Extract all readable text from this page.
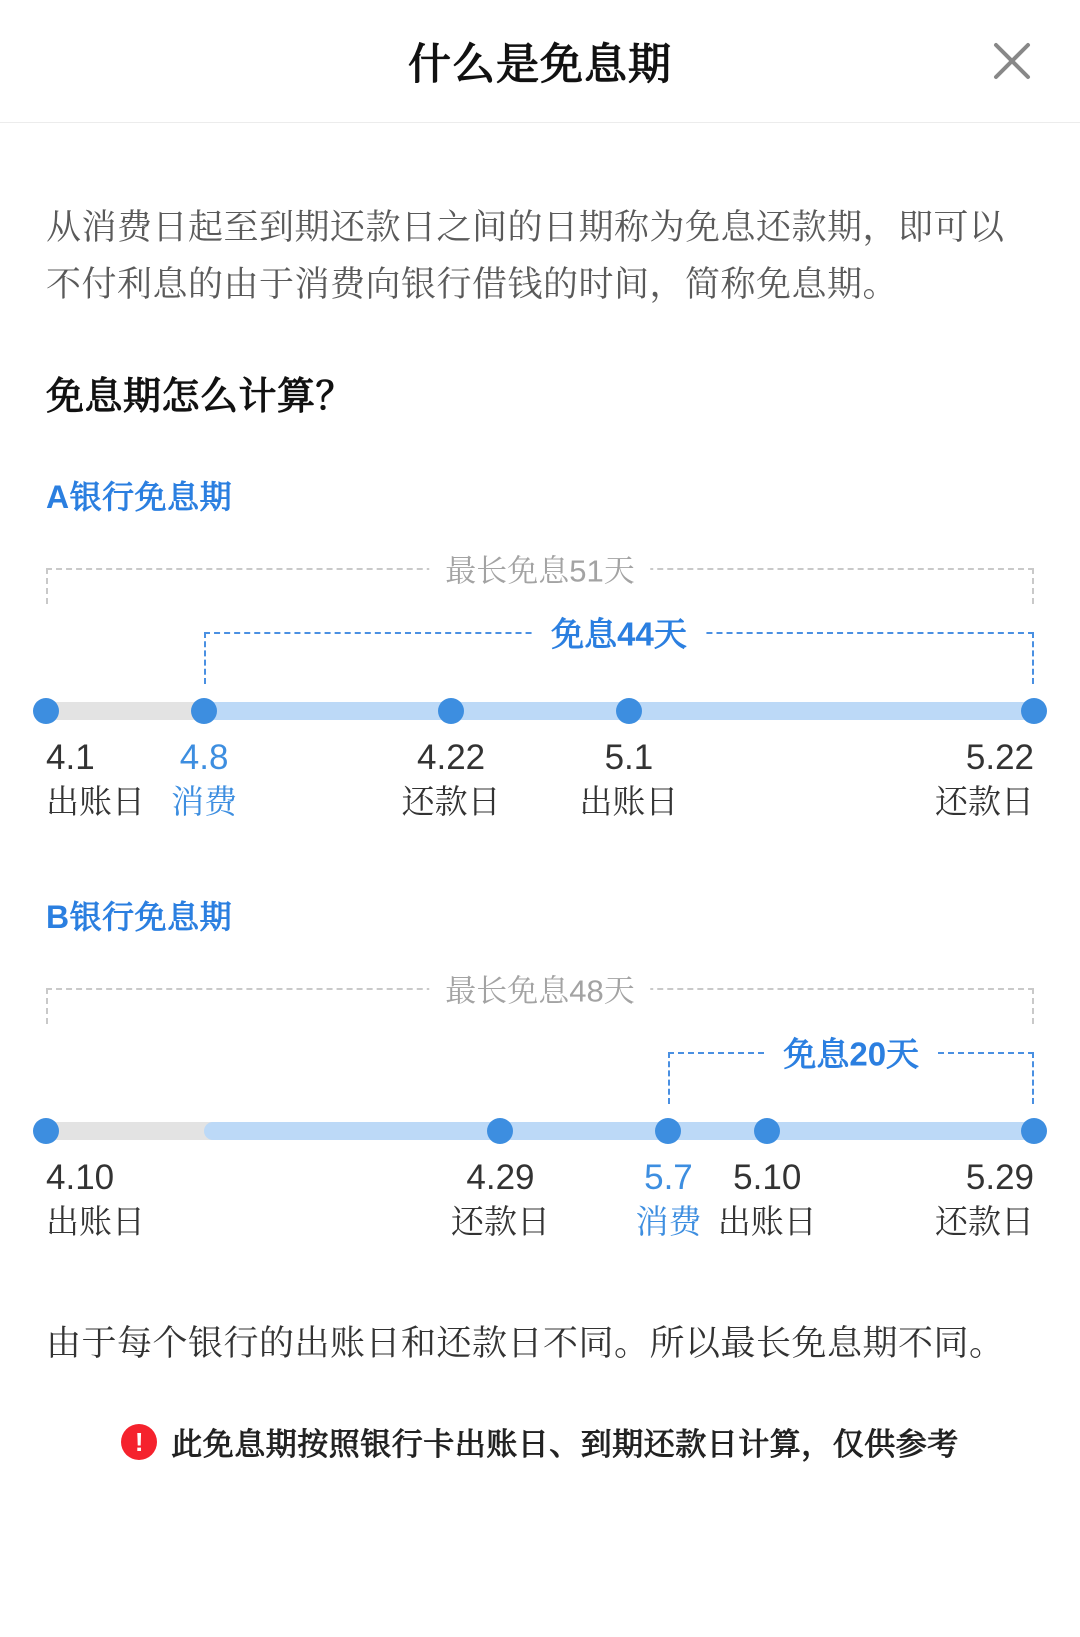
什么是免息期

从消费日起至到期还款日之间的日期称为免息还款期，即可以不付利息的由于消费向银行借钱的时间，简称免息期。

免息期怎么计算？
A银行免息期
最长免息51天
免息44天
4.1
出账日
4.8
消费
4.22
还款日
5.1
出账日
5.22
还款日
B银行免息期
最长免息48天
免息20天
4.10
出账日
4.29
还款日
5.7
消费
5.10
出账日
5.29
还款日

由于每个银行的出账日和还款日不同。所以最长免息期不同。

! 此免息期按照银行卡出账日、到期还款日计算，仅供参考
